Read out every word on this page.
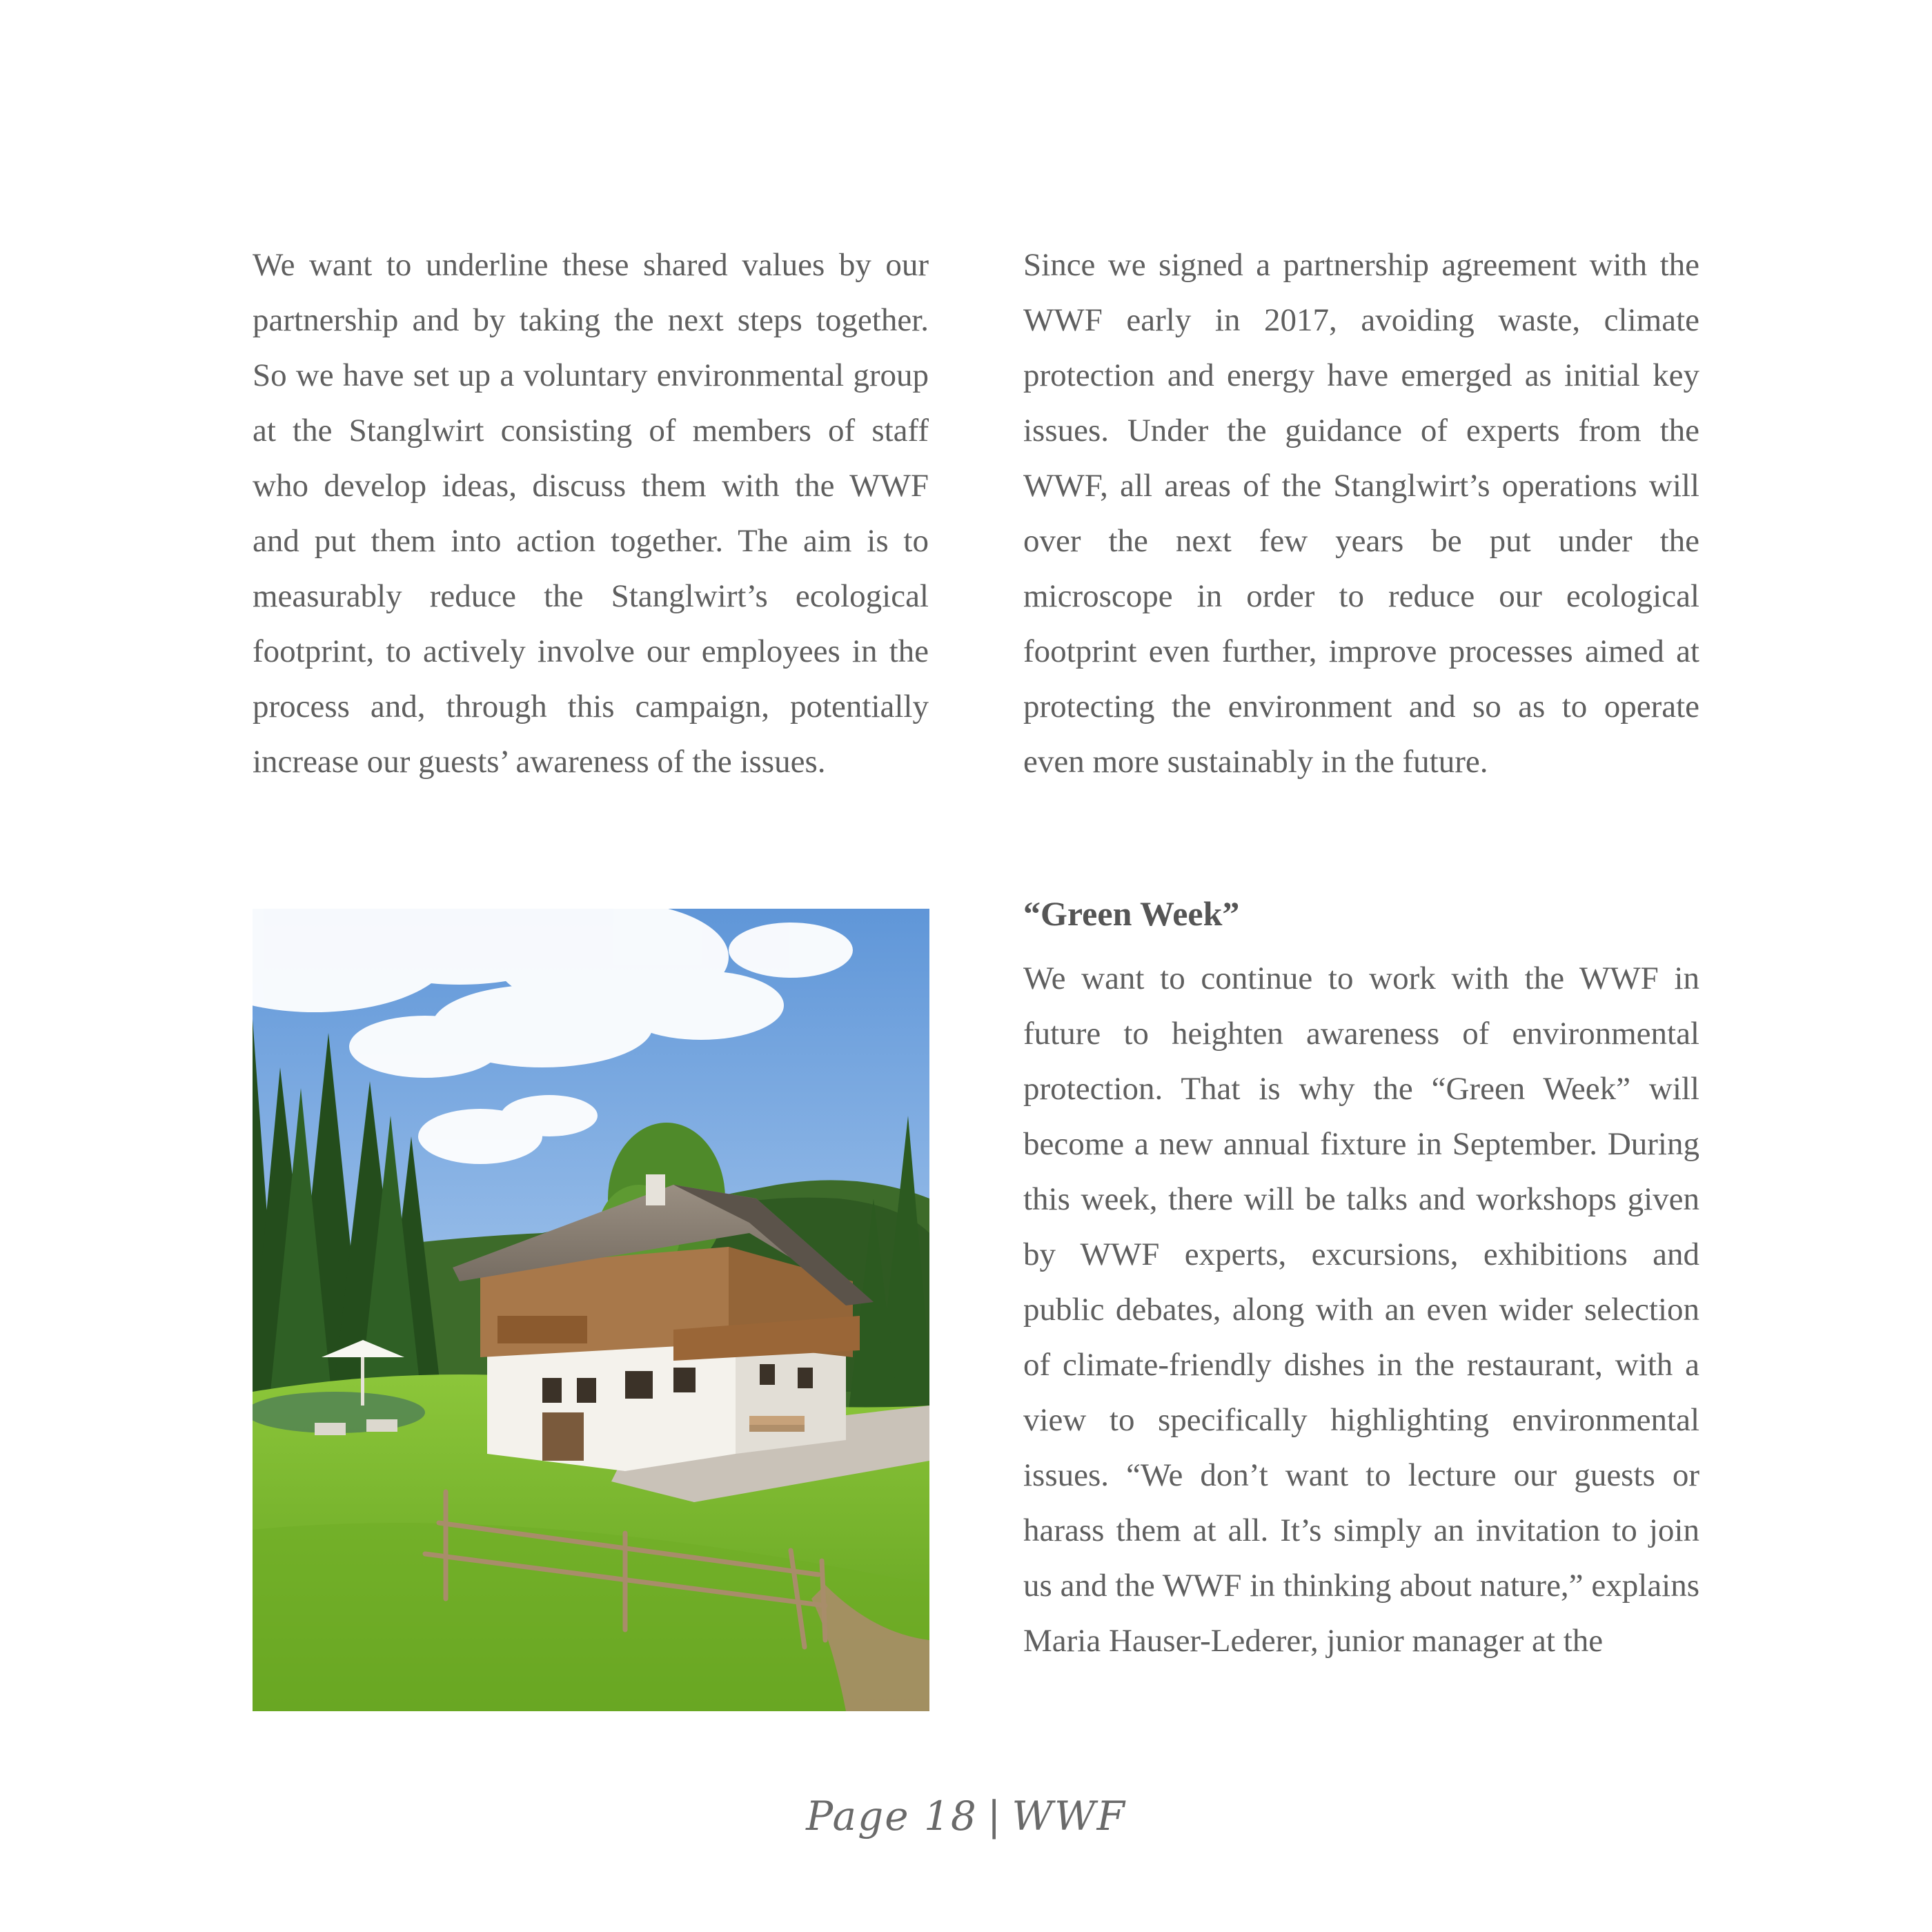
We want to underline these shared values by our partnership and by taking the next steps together. So we have set up a voluntary environmental group at the Stanglwirt consisting of members of staff who develop ideas, discuss them with the WWF and put them into action together. The aim is to measurably reduce the Stanglwirt’s ecological footprint, to actively involve our employees in the process and, through this campaign, potentially increase our guests’ awareness of the issues.

Since we signed a partnership agreement with the WWF early in 2017, avoiding waste, climate protection and energy have emerged as initial key issues. Under the guidance of experts from the WWF, all areas of the Stanglwirt’s operations will over the next few years be put under the microscope in order to reduce our ecological footprint even further, improve processes aimed at protecting the environment and so as to operate even more sustainably in the future.

“Green Week”

We want to continue to work with the WWF in future to heighten awareness of environmental protection. That is why the “Green Week” will become a new annual fixture in September. During this week, there will be talks and workshops given by WWF experts, excursions, exhibitions and public debates, along with an even wider selection of climate-friendly dishes in the restaurant, with a view to specifically highlighting environmental issues. “We don’t want to lecture our guests or harass them at all. It’s simply an invitation to join us and the WWF in thinking about nature,” explains Maria Hauser-Lederer, junior manager at the

Page 18 | WWF
